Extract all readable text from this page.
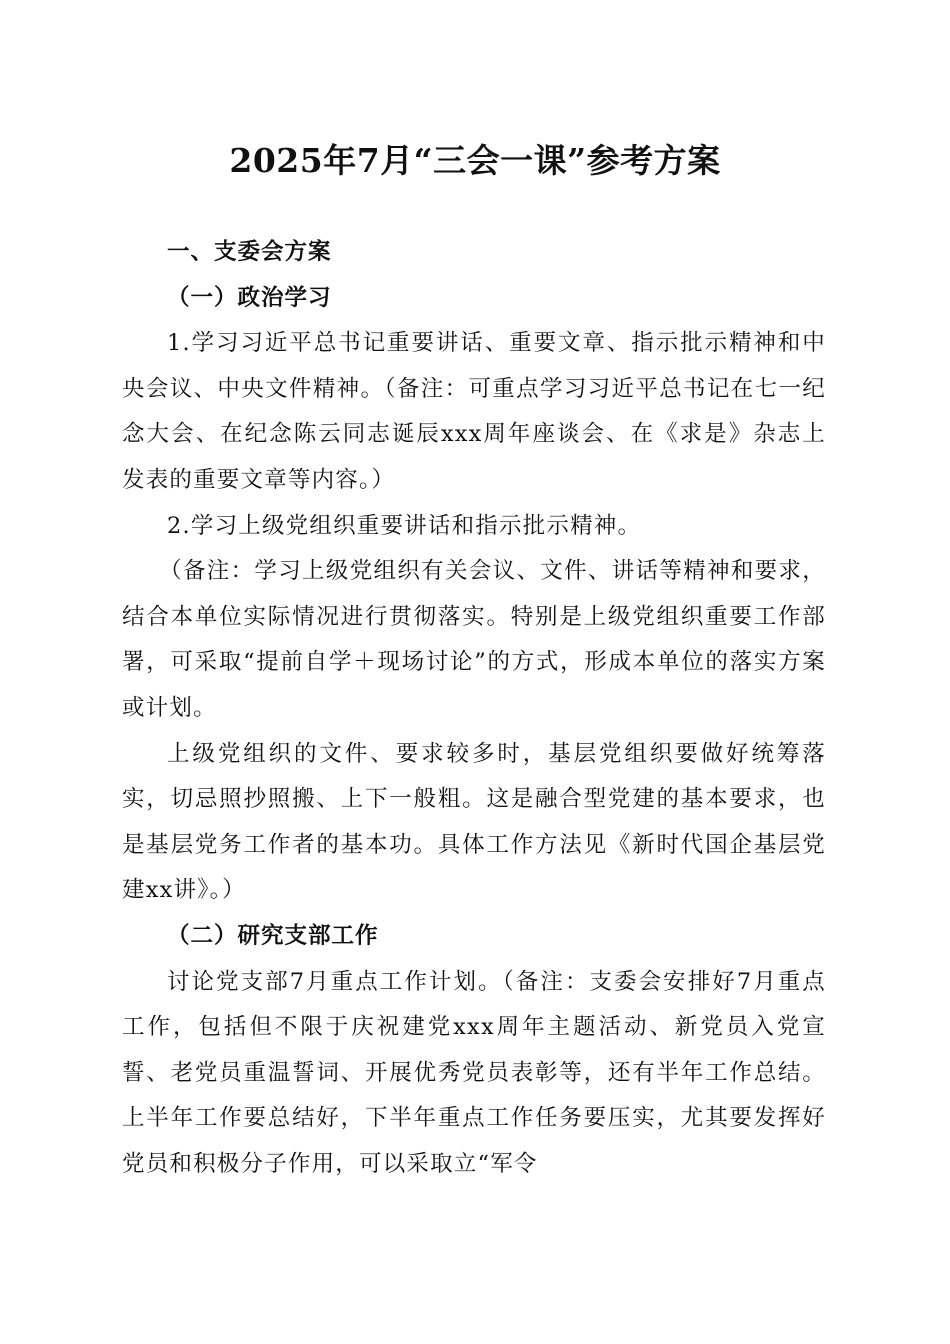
2025年7月“三会一课”参考方案

一、支委会方案

（一）政治学习

1.学习习近平总书记重要讲话、重要文章、指示批示精神和中央会议、中央文件精神。（备注：可重点学习习近平总书记在七一纪念大会、在纪念陈云同志诞辰xxx周年座谈会、在《求是》杂志上发表的重要文章等内容。）

2.学习上级党组织重要讲话和指示批示精神。

（备注：学习上级党组织有关会议、文件、讲话等精神和要求，结合本单位实际情况进行贯彻落实。特别是上级党组织重要工作部署，可采取“提前自学＋现场讨论”的方式，形成本单位的落实方案或计划。

上级党组织的文件、要求较多时，基层党组织要做好统筹落实，切忌照抄照搬、上下一般粗。这是融合型党建的基本要求，也是基层党务工作者的基本功。具体工作方法见《新时代国企基层党建xx讲》。）

（二）研究支部工作

讨论党支部7月重点工作计划。（备注：支委会安排好7月重点工作，包括但不限于庆祝建党xxx周年主题活动、新党员入党宣誓、老党员重温誓词、开展优秀党员表彰等，还有半年工作总结。上半年工作要总结好，下半年重点工作任务要压实，尤其要发挥好党员和积极分子作用，可以采取立“军令
